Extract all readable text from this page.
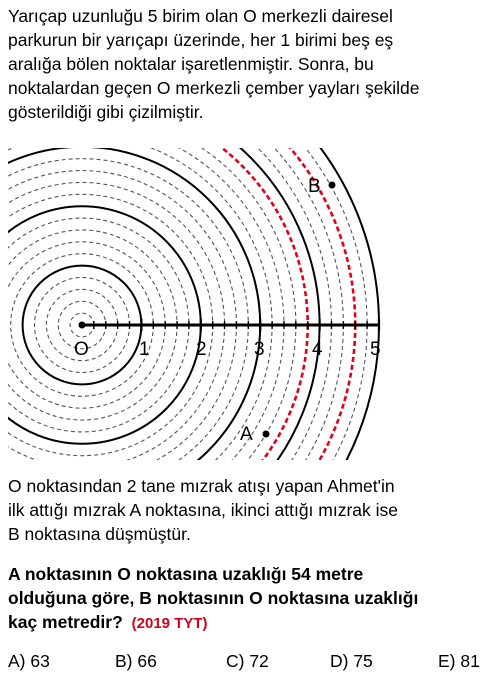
Yarıçap uzunluğu 5 birim olan O merkezli dairesel
parkurun bir yarıçapı üzerinde, her 1 birimi beş eş
aralığa bölen noktalar işaretlenmiştir. Sonra, bu
noktalardan geçen O merkezli çember yayları şekilde
gösterildiği gibi çizilmiştir.

O	1 2 3 4 5
A
B

O noktasından 2 tane mızrak atışı yapan Ahmet'in
ilk attığı mızrak A noktasına, ikinci attığı mızrak ise
B noktasına düşmüştür.

A noktasının O noktasına uzaklığı 54 metre
olduğuna göre, B noktasının O noktasına uzaklığı
kaç metredir? (2019 TYT)

A) 63	B) 66	C) 72	D) 75	E) 81
